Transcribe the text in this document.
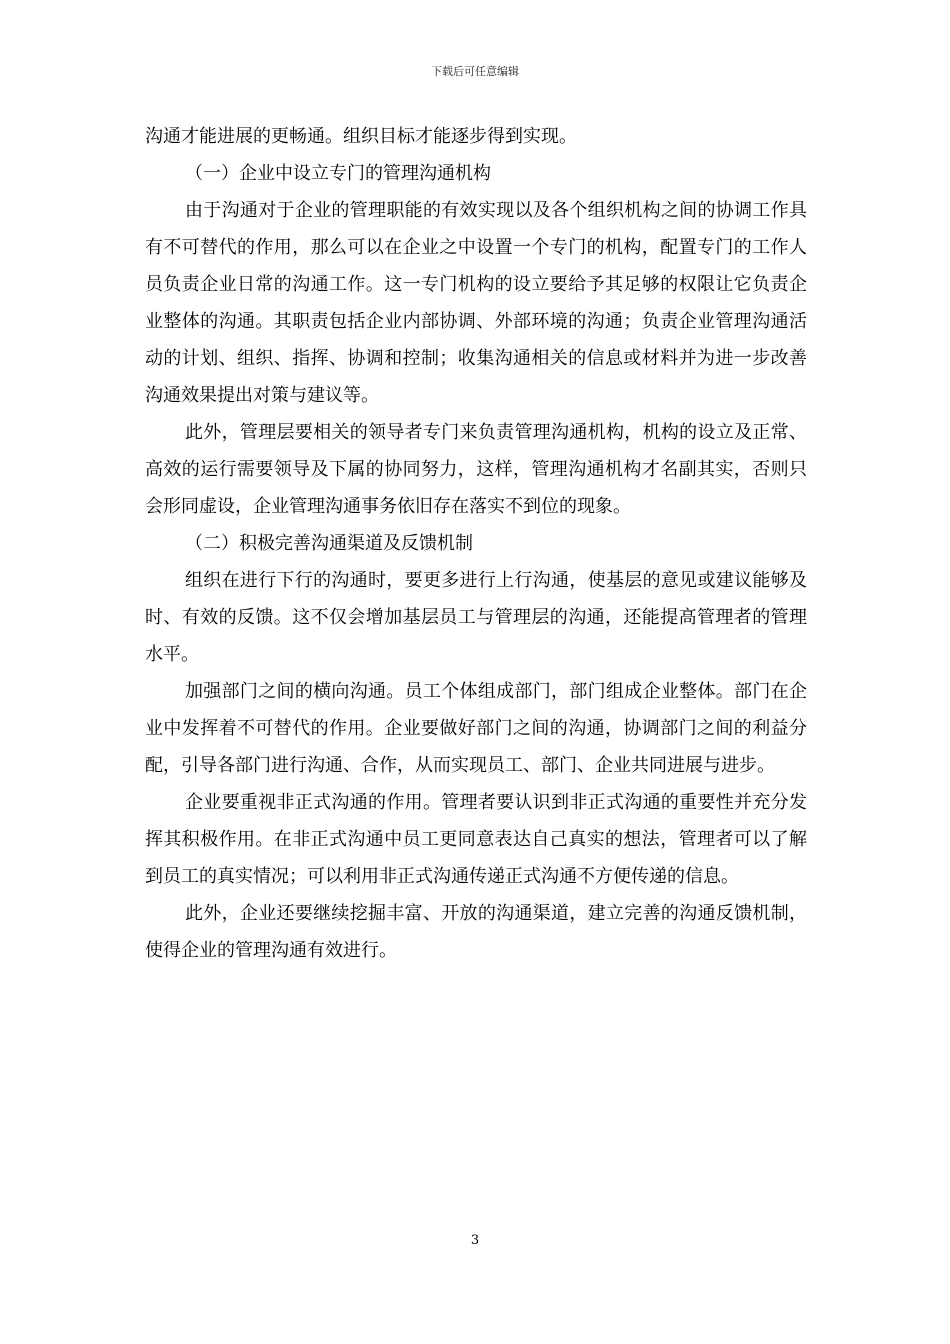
下载后可任意编辑

沟通才能进展的更畅通。组织目标才能逐步得到实现。

（一）企业中设立专门的管理沟通机构

由于沟通对于企业的管理职能的有效实现以及各个组织机构之间的协调工作具有不可替代的作用，那么可以在企业之中设置一个专门的机构，配置专门的工作人员负责企业日常的沟通工作。这一专门机构的设立要给予其足够的权限让它负责企业整体的沟通。其职责包括企业内部协调、外部环境的沟通；负责企业管理沟通活动的计划、组织、指挥、协调和控制；收集沟通相关的信息或材料并为进一步改善沟通效果提出对策与建议等。

此外，管理层要相关的领导者专门来负责管理沟通机构，机构的设立及正常、高效的运行需要领导及下属的协同努力，这样，管理沟通机构才名副其实，否则只会形同虚设，企业管理沟通事务依旧存在落实不到位的现象。

（二）积极完善沟通渠道及反馈机制

组织在进行下行的沟通时，要更多进行上行沟通，使基层的意见或建议能够及时、有效的反馈。这不仅会增加基层员工与管理层的沟通，还能提高管理者的管理水平。

加强部门之间的横向沟通。员工个体组成部门，部门组成企业整体。部门在企业中发挥着不可替代的作用。企业要做好部门之间的沟通，协调部门之间的利益分配，引导各部门进行沟通、合作，从而实现员工、部门、企业共同进展与进步。

企业要重视非正式沟通的作用。管理者要认识到非正式沟通的重要性并充分发挥其积极作用。在非正式沟通中员工更同意表达自己真实的想法，管理者可以了解到员工的真实情况；可以利用非正式沟通传递正式沟通不方便传递的信息。

此外，企业还要继续挖掘丰富、开放的沟通渠道，建立完善的沟通反馈机制，使得企业的管理沟通有效进行。

3
